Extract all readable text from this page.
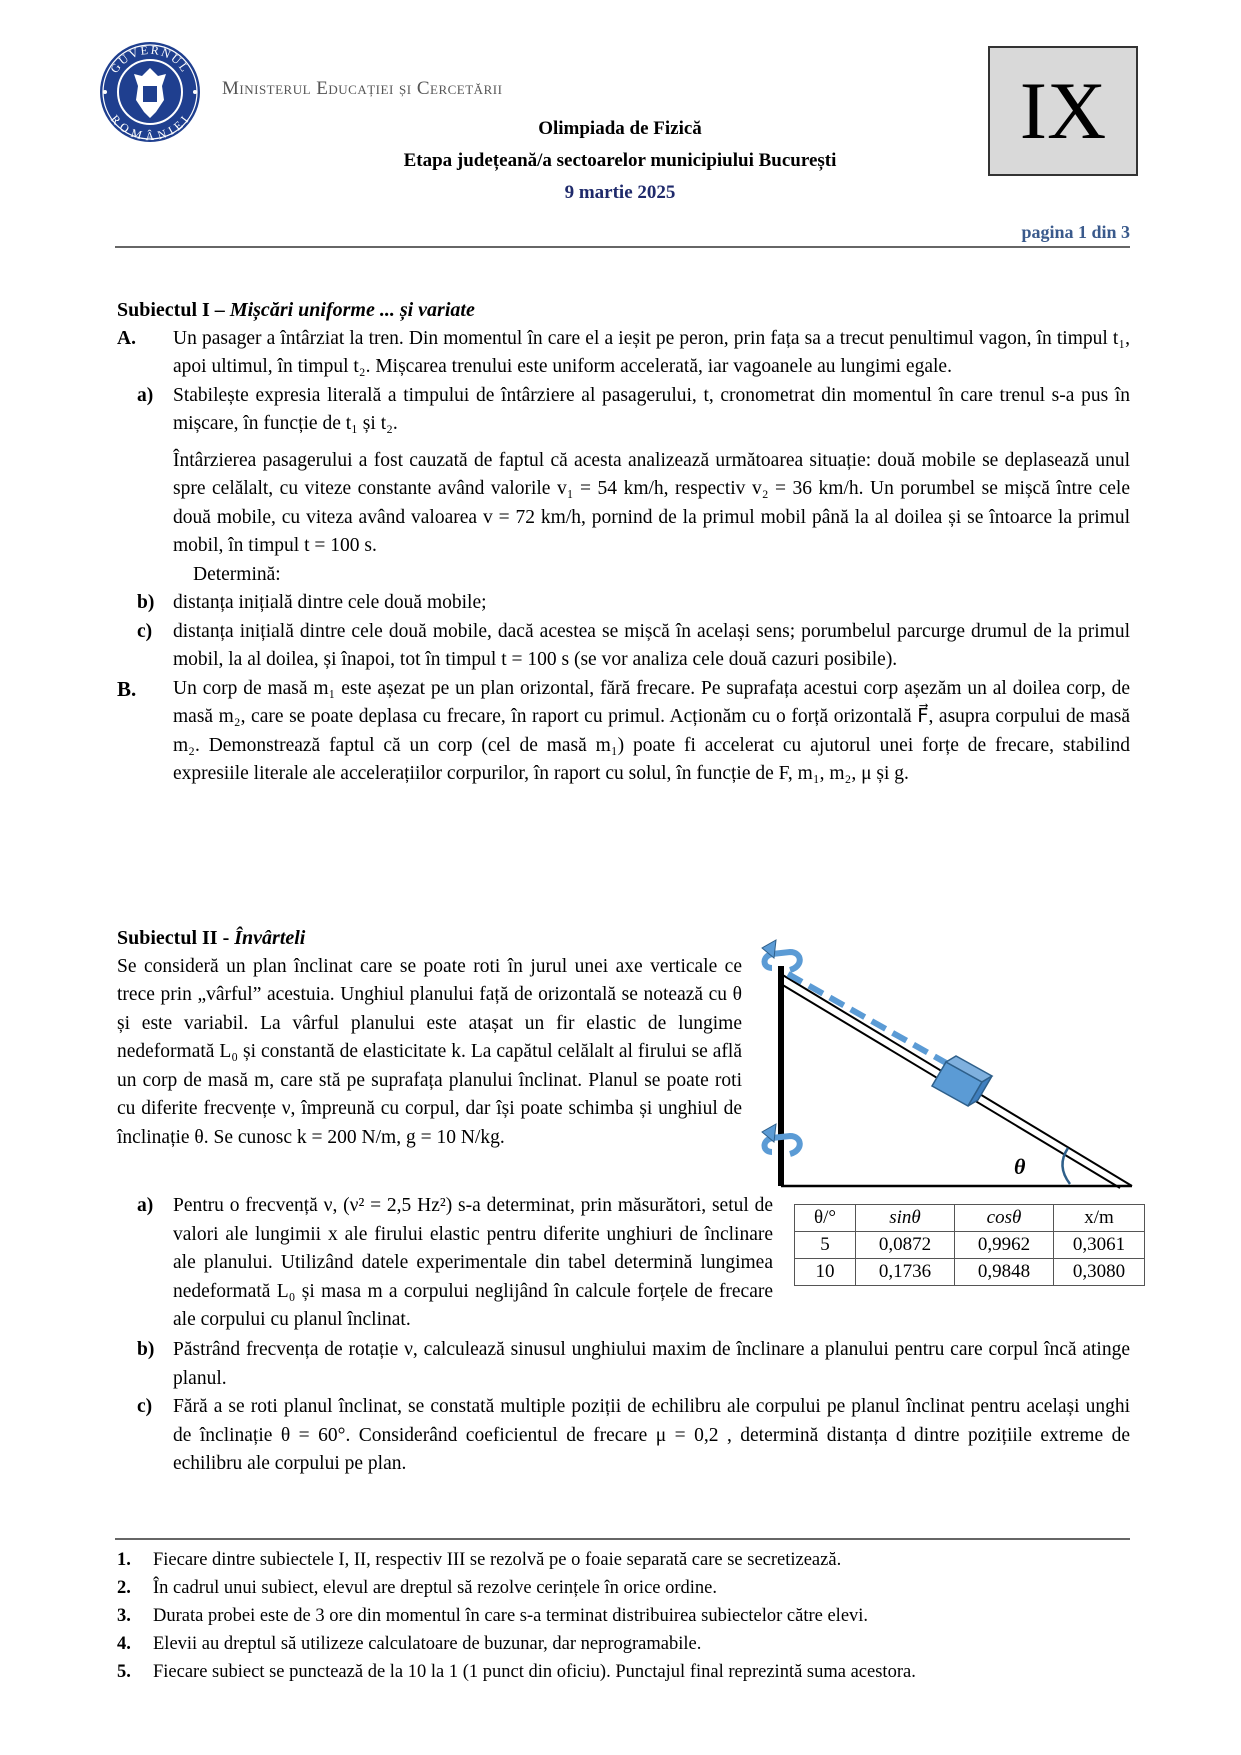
GUVERNUL
ROMÂNIEI
Ministerul Educației și Cercetării
Olimpiada de Fizică
Etapa județeană/a sectoarelor municipiului București
9 martie 2025
IX
pagina 1 din 3
Subiectul I – Mișcări uniforme ... și variate
A.	Un pasager a întârziat la tren. Din momentul în care el a ieșit pe peron, prin fața sa a trecut penultimul vagon, în timpul t₁, apoi ultimul, în timpul t₂. Mișcarea trenului este uniform accelerată, iar vagoanele au lungimi egale.
a)	Stabilește expresia literală a timpului de întârziere al pasagerului, t, cronometrat din momentul în care trenul s-a pus în mișcare, în funcție de t₁ și t₂.
Întârzierea pasagerului a fost cauzată de faptul că acesta analizează următoarea situație: două mobile se deplasează unul spre celălalt, cu viteze constante având valorile v₁ = 54 km/h, respectiv v₂ = 36 km/h. Un porumbel se mișcă între cele două mobile, cu viteza având valoarea v = 72 km/h, pornind de la primul mobil până la al doilea și se întoarce la primul mobil, în timpul t = 100 s.
Determină:
b) distanța inițială dintre cele două mobile;
c)	distanța inițială dintre cele două mobile, dacă acestea se mișcă în același sens; porumbelul parcurge drumul de la primul mobil, la al doilea, și înapoi, tot în timpul t = 100 s (se vor analiza cele două cazuri posibile).
B.	Un corp de masă m₁ este așezat pe un plan orizontal, fără frecare. Pe suprafața acestui corp așezăm un al doilea corp, de masă m₂, care se poate deplasa cu frecare, în raport cu primul. Acționăm cu o forță orizontală F⃗, asupra corpului de masă m₂. Demonstrează faptul că un corp (cel de masă m₁) poate fi accelerat cu ajutorul unei forțe de frecare, stabilind expresiile literale ale accelerațiilor corpurilor, în raport cu solul, în funcție de F, m₁, m₂, μ și g.
Subiectul II - Învârteli
Se consideră un plan înclinat care se poate roti în jurul unei axe verticale ce trece prin „vârful” acestuia. Unghiul planului față de orizontală se notează cu θ și este variabil. La vârful planului este atașat un fir elastic de lungime nedeformată L₀ și constantă de elasticitate k. La capătul celălalt al firului se află un corp de masă m, care stă pe suprafața planului înclinat. Planul se poate roti cu diferite frecvențe ν, împreună cu corpul, dar își poate schimba și unghiul de înclinație θ. Se cunosc k = 200 N/m, g = 10 N/kg.
θ
a)	Pentru o frecvență ν, (ν² = 2,5 Hz²) s-a determinat, prin măsurători, setul de valori ale lungimii x ale firului elastic pentru diferite unghiuri de înclinare ale planului. Utilizând datele experimentale din tabel determină lungimea nedeformată L₀ și masa m a corpului neglijând în calcule forțele de frecare ale corpului cu planul înclinat.
θ/°	sinθ	cosθ	x/m
5	0,0872	0,9962	0,3061
10	0,1736	0,9848	0,3080
b) Păstrând frecvența de rotație ν, calculează sinusul unghiului maxim de înclinare a planului pentru care corpul încă atinge planul.
c)	Fără a se roti planul înclinat, se constată multiple poziții de echilibru ale corpului pe planul înclinat pentru același unghi de înclinație θ = 60°. Considerând coeficientul de frecare μ = 0,2 , determină distanța d dintre pozițiile extreme de echilibru ale corpului pe plan.
1.	Fiecare dintre subiectele I, II, respectiv III se rezolvă pe o foaie separată care se secretizează.
2.	În cadrul unui subiect, elevul are dreptul să rezolve cerințele în orice ordine.
3.	Durata probei este de 3 ore din momentul în care s-a terminat distribuirea subiectelor către elevi.
4.	Elevii au dreptul să utilizeze calculatoare de buzunar, dar neprogramabile.
5.	Fiecare subiect se punctează de la 10 la 1 (1 punct din oficiu). Punctajul final reprezintă suma acestora.
